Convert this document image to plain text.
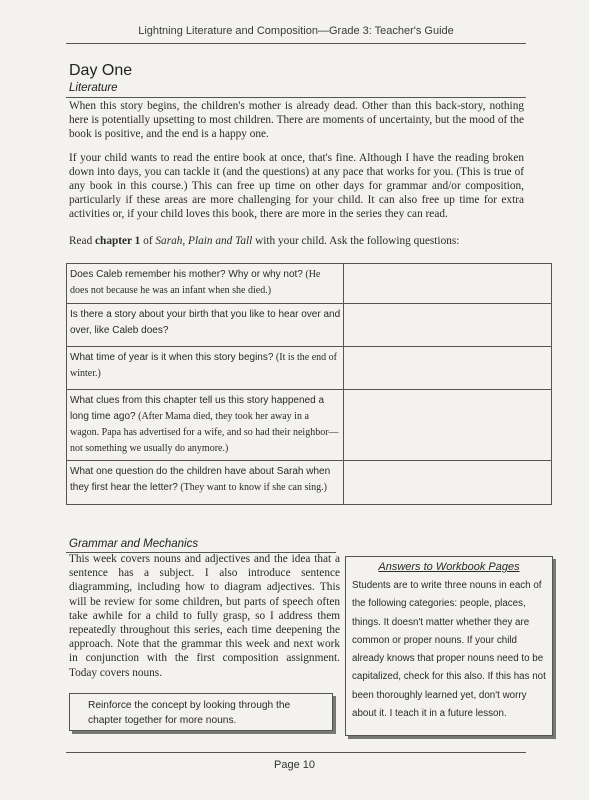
Lightning Literature and Composition—Grade 3: Teacher's Guide
Day One
Literature

When this story begins, the children's mother is already dead. Other than this back-story, nothing here is potentially upsetting to most children. There are moments of uncertainty, but the mood of the book is positive, and the end is a happy one.

If your child wants to read the entire book at once, that's fine. Although I have the reading broken down into days, you can tackle it (and the questions) at any pace that works for you. (This is true of any book in this course.) This can free up time on other days for grammar and/or composition, particularly if these areas are more challenging for your child. It can also free up time for extra activities or, if your child loves this book, there are more in the series they can read.

Read chapter 1 of Sarah, Plain and Tall with your child. Ask the following questions:

Does Caleb remember his mother? Why or why not? (He does not because he was an infant when she died.)	
Is there a story about your birth that you like to hear over and over, like Caleb does?	
What time of year is it when this story begins? (It is the end of winter.)	
What clues from this chapter tell us this story happened a long time ago? (After Mama died, they took her away in a wagon. Papa has advertised for a wife, and so had their neighbor—not something we usually do anymore.)	
What one question do the children have about Sarah when they first hear the letter? (They want to know if she can sing.)	
Grammar and Mechanics

This week covers nouns and adjectives and the idea that a sentence has a subject. I also introduce sentence diagramming, including how to diagram adjectives. This will be review for some children, but parts of speech often take awhile for a child to fully grasp, so I address them repeatedly throughout this series, each time deepening the approach. Note that the grammar this week and next work in conjunction with the first composition assignment. Today covers nouns.

Reinforce the concept by looking through the chapter together for more nouns.
Answers to Workbook Pages
Students are to write three nouns in each of the following categories: people, places, things. It doesn't matter whether they are common or proper nouns. If your child already knows that proper nouns need to be capitalized, check for this also. If this has not been thoroughly learned yet, don't worry about it. I teach it in a future lesson.
Page 10
